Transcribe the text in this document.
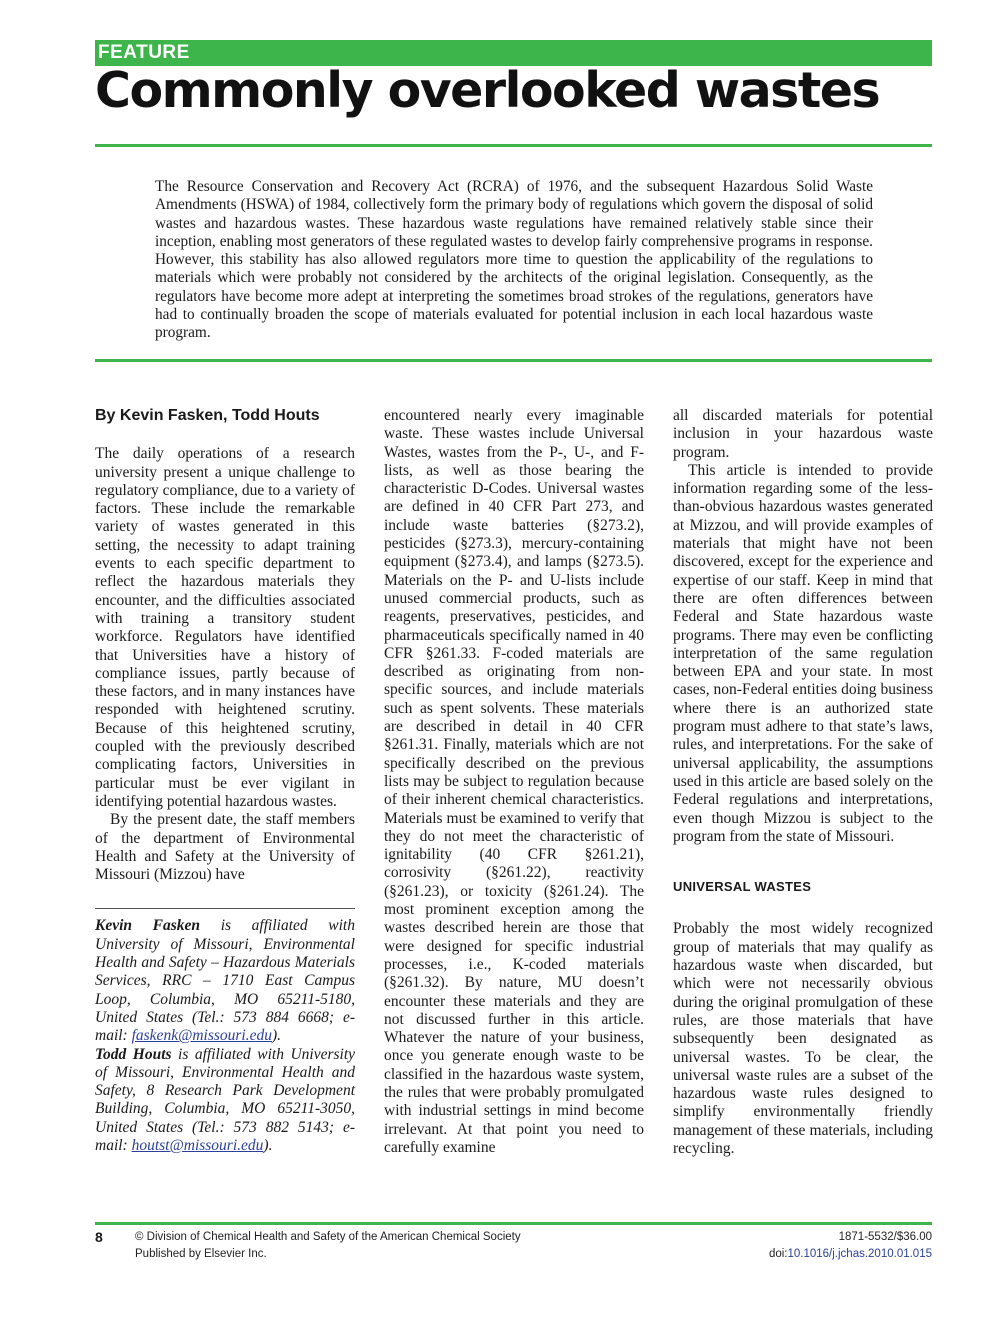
FEATURE
Commonly overlooked wastes

The Resource Conservation and Recovery Act (RCRA) of 1976, and the subsequent Hazardous Solid Waste Amendments (HSWA) of 1984, collectively form the primary body of regulations which govern the disposal of solid wastes and hazardous wastes. These hazardous waste regulations have remained relatively stable since their inception, enabling most generators of these regulated wastes to develop fairly comprehensive programs in response. However, this stability has also allowed regulators more time to question the applicability of the regulations to materials which were probably not considered by the architects of the original legislation. Consequently, as the regulators have become more adept at interpreting the sometimes broad strokes of the regulations, generators have had to continually broaden the scope of materials evaluated for potential inclusion in each local hazardous waste program.

By Kevin Fasken, Todd Houts

The daily operations of a research university present a unique challenge to regulatory compliance, due to a variety of factors. These include the remarkable variety of wastes generated in this setting, the necessity to adapt training events to each specific department to reflect the hazardous materials they encounter, and the difficulties associated with training a transitory student workforce. Regulators have identified that Universities have a history of compliance issues, partly because of these factors, and in many instances have responded with heightened scrutiny. Because of this heightened scrutiny, coupled with the previously described complicating factors, Universities in particular must be ever vigilant in identifying potential hazardous wastes.

By the present date, the staff members of the department of Environmental Health and Safety at the University of Missouri (Mizzou) have

Kevin Fasken is affiliated with University of Missouri, Environmental Health and Safety – Hazardous Materials Services, RRC – 1710 East Campus Loop, Columbia, MO 65211-5180, United States (Tel.: 573 884 6668; e-mail: faskenk@missouri.edu).

Todd Houts is affiliated with University of Missouri, Environmental Health and Safety, 8 Research Park Development Building, Columbia, MO 65211-3050, United States (Tel.: 573 882 5143; e-mail: houtst@missouri.edu).

encountered nearly every imaginable waste. These wastes include Universal Wastes, wastes from the P-, U-, and F-lists, as well as those bearing the characteristic D-Codes. Universal wastes are defined in 40 CFR Part 273, and include waste batteries (§273.2), pesticides (§273.3), mercury-containing equipment (§273.4), and lamps (§273.5). Materials on the P- and U-lists include unused commercial products, such as reagents, preservatives, pesticides, and pharmaceuticals specifically named in 40 CFR §261.33. F-coded materials are described as originating from non-specific sources, and include materials such as spent solvents. These materials are described in detail in 40 CFR §261.31. Finally, materials which are not specifically described on the previous lists may be subject to regulation because of their inherent chemical characteristics. Materials must be examined to verify that they do not meet the characteristic of ignitability (40 CFR §261.21), corrosivity (§261.22), reactivity (§261.23), or toxicity (§261.24). The most prominent exception among the wastes described herein are those that were designed for specific industrial processes, i.e., K-coded materials (§261.32). By nature, MU doesn’t encounter these materials and they are not discussed further in this article. Whatever the nature of your business, once you generate enough waste to be classified in the hazardous waste system, the rules that were probably promulgated with industrial settings in mind become irrelevant. At that point you need to carefully examine

all discarded materials for potential inclusion in your hazardous waste program.

This article is intended to provide information regarding some of the less-than-obvious hazardous wastes generated at Mizzou, and will provide examples of materials that might have not been discovered, except for the experience and expertise of our staff. Keep in mind that there are often differences between Federal and State hazardous waste programs. There may even be conflicting interpretation of the same regulation between EPA and your state. In most cases, non-Federal entities doing business where there is an authorized state program must adhere to that state’s laws, rules, and interpretations. For the sake of universal applicability, the assumptions used in this article are based solely on the Federal regulations and interpretations, even though Mizzou is subject to the program from the state of Missouri.

UNIVERSAL WASTES

Probably the most widely recognized group of materials that may qualify as hazardous waste when discarded, but which were not necessarily obvious during the original promulgation of these rules, are those materials that have subsequently been designated as universal wastes. To be clear, the universal waste rules are a subset of the hazardous waste rules designed to simplify environmentally friendly management of these materials, including recycling.

8	© Division of Chemical Health and Safety of the American Chemical Society
Published by Elsevier Inc.
1871-5532/$36.00
doi:10.1016/j.jchas.2010.01.015
